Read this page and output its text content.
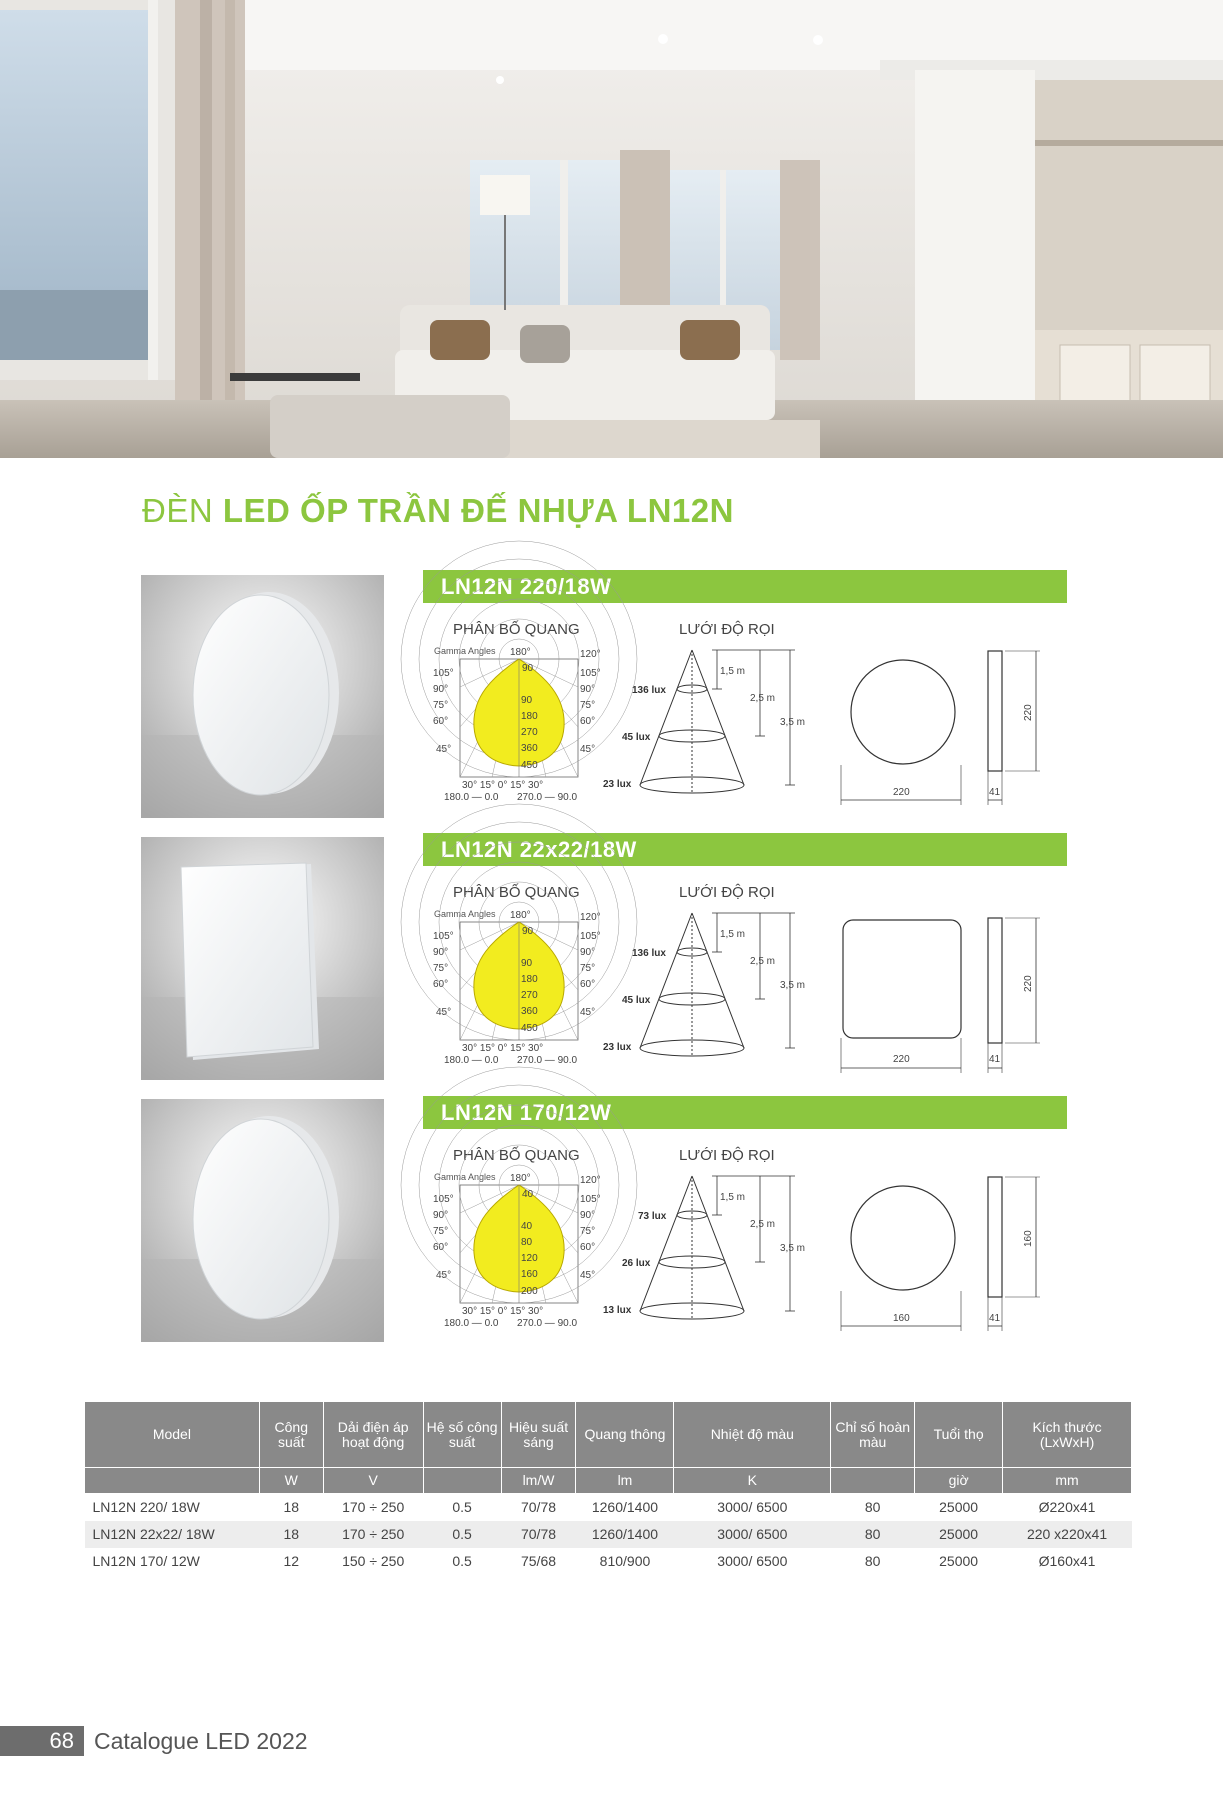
ĐÈN LED ỐP TRẦN ĐẾ NHỰA LN12N
LN12N 220/18W
PHÂN BỐ QUANG	LƯỚI ĐỘ RỌI
Gamma Angles 180°	120°
105°	105°
90°	90°
75°	75°
60°	60°
45°	45°
90
90
180
270
360
450
30° 15° 0° 15° 30°
180.0 — 0.0 270.0 — 90.0
136 lux
45 lux
23 lux
1,5 m
2,5 m
3,5 m
220	41
220
LN12N 22x22/18W
PHÂN BỐ QUANG	LƯỚI ĐỘ RỌI
Gamma Angles 180°	120°
105°	105°
90°	90°
75°	75°
60°	60°
45°	45°
90
90
180
270
360
450
30° 15° 0° 15° 30°
180.0 — 0.0 270.0 — 90.0
136 lux
45 lux
23 lux
1,5 m
2,5 m
3,5 m
220	41
220
LN12N 170/12W
PHÂN BỐ QUANG	LƯỚI ĐỘ RỌI
Gamma Angles 180°	120°
105°	105°
90°	90°
75°	75°
60°	60°
45°	45°
40
40
80
120
160
200
30° 15° 0° 15° 30°
180.0 — 0.0 270.0 — 90.0
73 lux
26 lux
13 lux
1,5 m
2,5 m
3,5 m
160	41
160
Model	Công suất	Dải điện áp hoạt động	Hệ số công suất	Hiệu suất sáng	Quang thông	Nhiệt độ màu	Chỉ số hoàn màu	Tuổi thọ	Kích thước (LxWxH)
	W	V		lm/W	lm	K		giờ	mm
LN12N 220/ 18W	18	170 ÷ 250	0.5	70/78	1260/1400	3000/ 6500	80	25000	Ø220x41
LN12N 22x22/ 18W	18	170 ÷ 250	0.5	70/78	1260/1400	3000/ 6500	80	25000	220 x220x41
LN12N 170/ 12W	12	150 ÷ 250	0.5	75/68	810/900	3000/ 6500	80	25000	Ø160x41
68 Catalogue LED 2022
